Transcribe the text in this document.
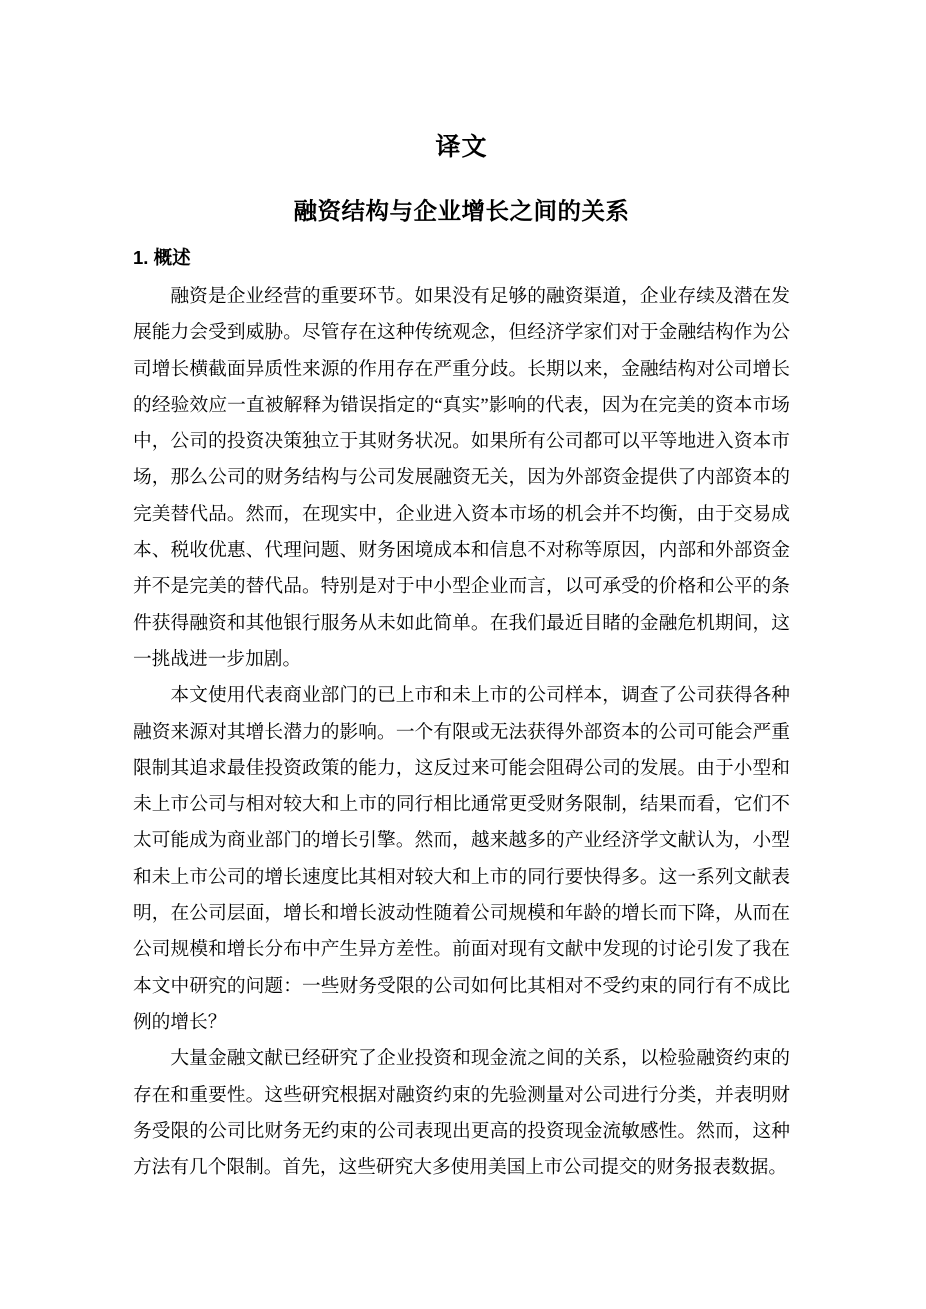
译文
融资结构与企业增长之间的关系
1. 概述

融资是企业经营的重要环节。如果没有足够的融资渠道，企业存续及潜在发展能力会受到威胁。尽管存在这种传统观念，但经济学家们对于金融结构作为公司增长横截面异质性来源的作用存在严重分歧。长期以来，金融结构对公司增长的经验效应一直被解释为错误指定的“真实”影响的代表，因为在完美的资本市场中，公司的投资决策独立于其财务状况。如果所有公司都可以平等地进入资本市场，那么公司的财务结构与公司发展融资无关，因为外部资金提供了内部资本的完美替代品。然而，在现实中，企业进入资本市场的机会并不均衡，由于交易成本、税收优惠、代理问题、财务困境成本和信息不对称等原因，内部和外部资金并不是完美的替代品。特别是对于中小型企业而言，以可承受的价格和公平的条件获得融资和其他银行服务从未如此简单。在我们最近目睹的金融危机期间，这一挑战进一步加剧。

本文使用代表商业部门的已上市和未上市的公司样本，调查了公司获得各种融资来源对其增长潜力的影响。一个有限或无法获得外部资本的公司可能会严重限制其追求最佳投资政策的能力，这反过来可能会阻碍公司的发展。由于小型和未上市公司与相对较大和上市的同行相比通常更受财务限制，结果而看，它们不太可能成为商业部门的增长引擎。然而，越来越多的产业经济学文献认为，小型和未上市公司的增长速度比其相对较大和上市的同行要快得多。这一系列文献表明，在公司层面，增长和增长波动性随着公司规模和年龄的增长而下降，从而在公司规模和增长分布中产生异方差性。前面对现有文献中发现的讨论引发了我在本文中研究的问题：一些财务受限的公司如何比其相对不受约束的同行有不成比例的增长？

大量金融文献已经研究了企业投资和现金流之间的关系，以检验融资约束的存在和重要性。这些研究根据对融资约束的先验测量对公司进行分类，并表明财务受限的公司比财务无约束的公司表现出更高的投资现金流敏感性。然而，这种方法有几个限制。首先，这些研究大多使用美国上市公司提交的财务报表数据。
